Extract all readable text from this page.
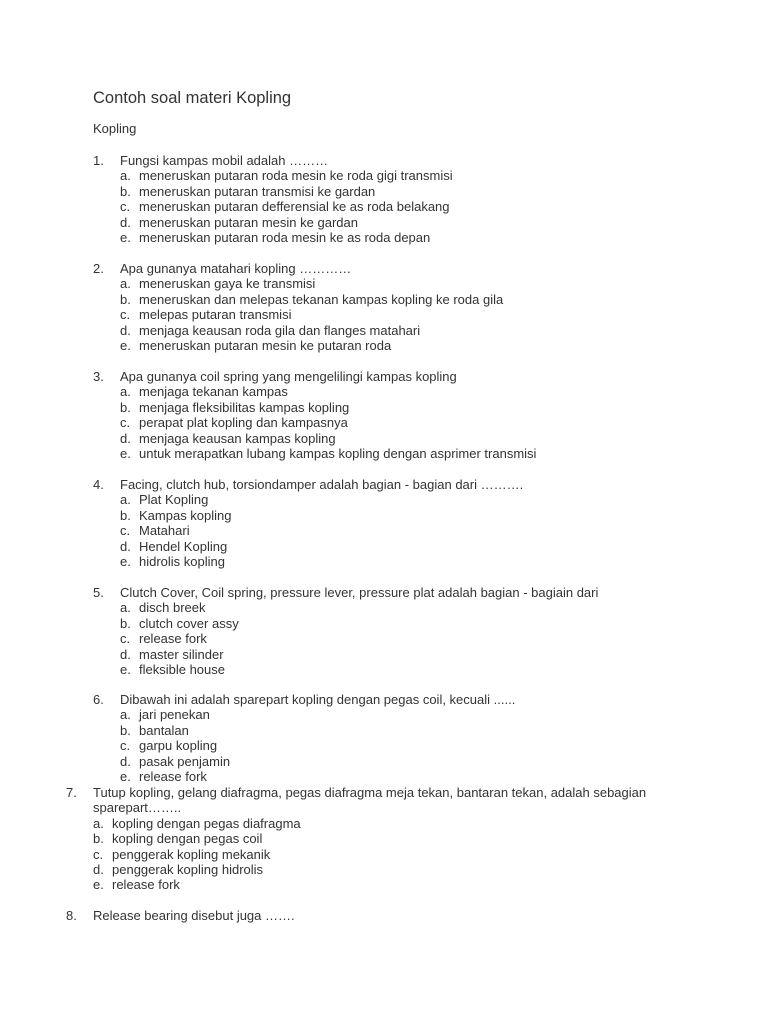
Contoh soal materi Kopling
Kopling
1.	Fungsi kampas mobil adalah ………
a. meneruskan putaran roda mesin ke roda gigi transmisi
b. meneruskan putaran transmisi ke gardan
c. meneruskan putaran defferensial ke as roda belakang
d. meneruskan putaran mesin ke gardan
e. meneruskan putaran roda mesin ke as roda depan
2.	Apa gunanya matahari kopling …………
a. meneruskan gaya ke transmisi
b. meneruskan dan melepas tekanan kampas kopling ke roda gila
c. melepas putaran transmisi
d. menjaga keausan roda gila dan flanges matahari
e. meneruskan putaran mesin ke putaran roda
3.	Apa gunanya coil spring yang mengelilingi kampas kopling
a. menjaga tekanan kampas
b. menjaga fleksibilitas kampas kopling
c. perapat plat kopling dan kampasnya
d. menjaga keausan kampas kopling
e. untuk merapatkan lubang kampas kopling dengan asprimer transmisi
4.	Facing, clutch hub, torsiondamper adalah bagian - bagian dari ……….
a. Plat Kopling
b. Kampas kopling
c. Matahari
d. Hendel Kopling
e. hidrolis kopling
5.	Clutch Cover, Coil spring, pressure lever, pressure plat adalah bagian - bagiain dari
a. disch breek
b. clutch cover assy
c. release fork
d. master silinder
e. fleksible house
6.	Dibawah ini adalah sparepart kopling dengan pegas coil, kecuali ......
a. jari penekan
b. bantalan
c. garpu kopling
d. pasak penjamin
e. release fork
7.	Tutup kopling, gelang diafragma, pegas diafragma meja tekan, bantaran tekan, adalah sebagian sparepart……..
a. kopling dengan pegas diafragma
b. kopling dengan pegas coil
c. penggerak kopling mekanik
d. penggerak kopling hidrolis
e. release fork
8.	Release bearing disebut juga …….
